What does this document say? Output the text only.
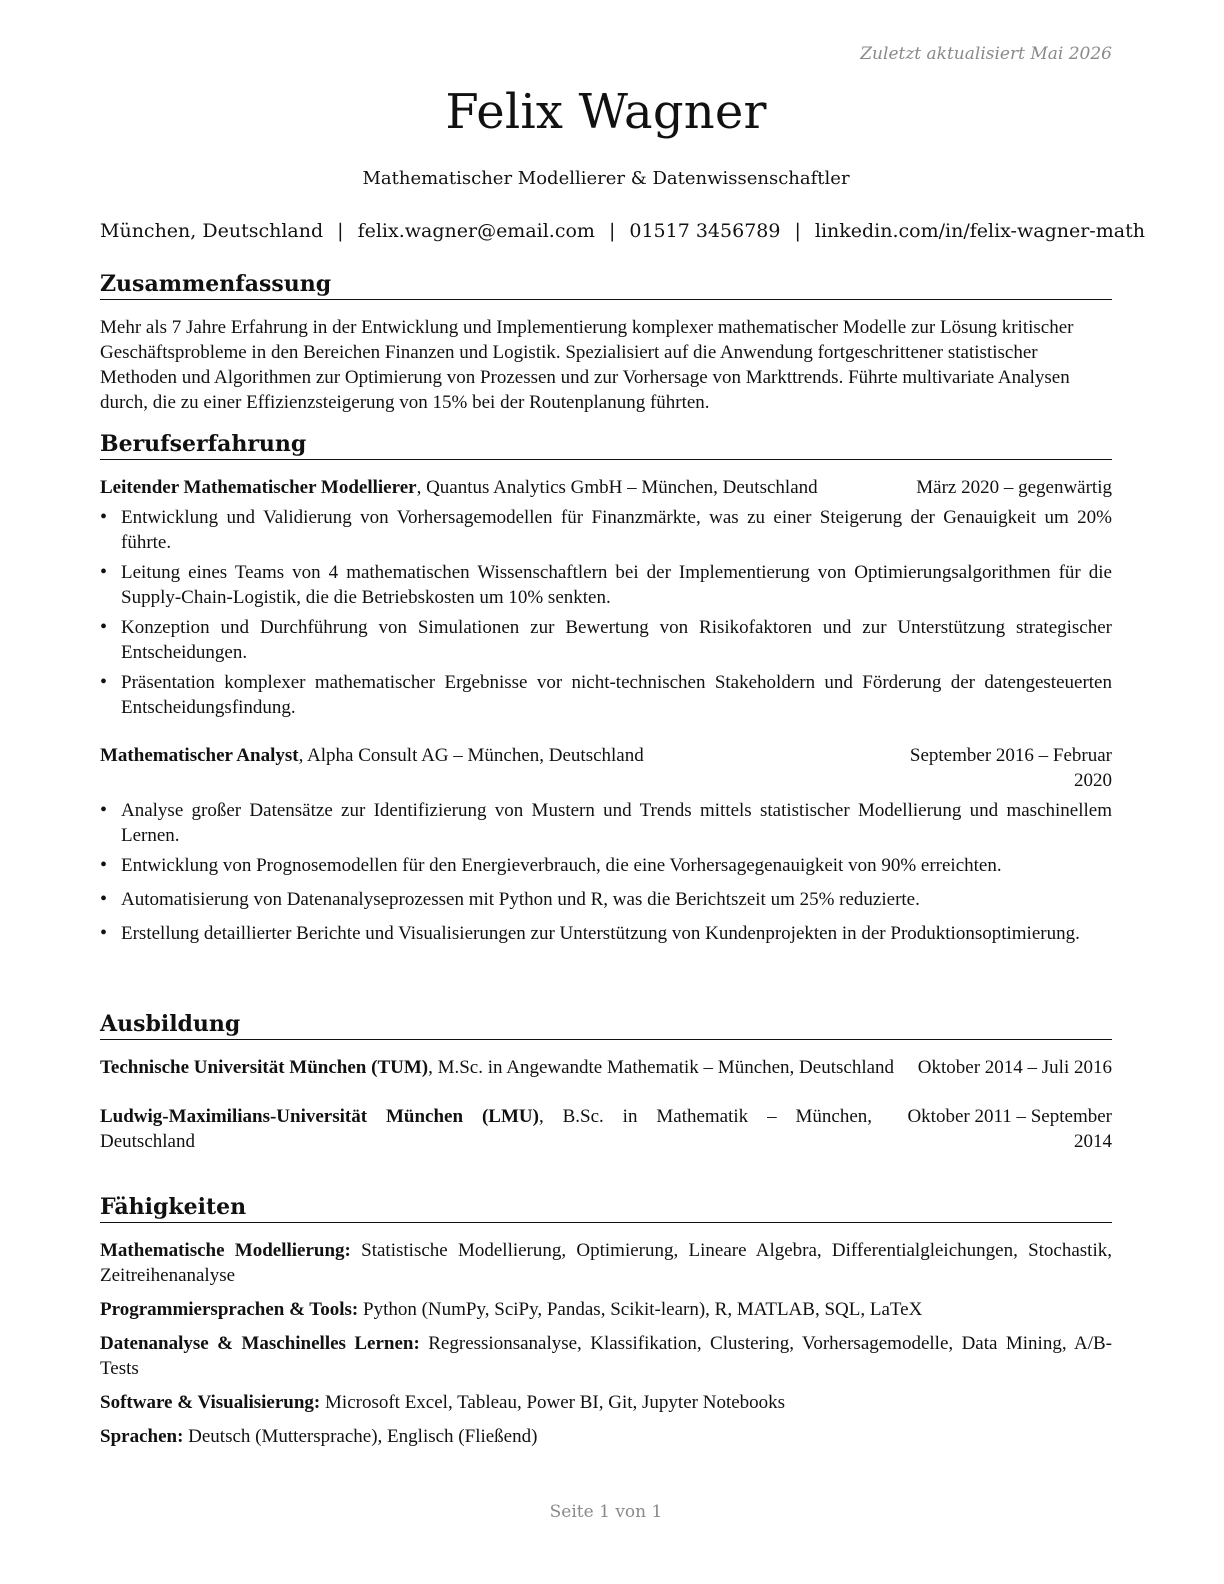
Zuletzt aktualisiert Mai 2026
Felix Wagner
Mathematischer Modellierer & Datenwissenschaftler
München, Deutschland | felix.wagner@email.com | 01517 3456789 | linkedin.com/in/felix-wagner-math
Zusammenfassung

Mehr als 7 Jahre Erfahrung in der Entwicklung und Implementierung komplexer mathematischer Modelle zur Lösung kritischer Geschäftsprobleme in den Bereichen Finanzen und Logistik. Spezialisiert auf die Anwendung fortgeschrittener statistischer Methoden und Algorithmen zur Optimierung von Prozessen und zur Vorhersage von Markttrends. Führte multivariate Analysen durch, die zu einer Effizienzsteigerung von 15% bei der Routenplanung führten.

Berufserfahrung
Leitender Mathematischer Modellierer, Quantus Analytics GmbH – München, Deutschland	März 2020 – gegenwärtig
• Entwicklung und Validierung von Vorhersagemodellen für Finanzmärkte, was zu einer Steigerung der Genauigkeit um 20% führte.
• Leitung eines Teams von 4 mathematischen Wissenschaftlern bei der Implementierung von Optimierungsalgorithmen für die Supply-Chain-Logistik, die die Betriebskosten um 10% senkten.
• Konzeption und Durchführung von Simulationen zur Bewertung von Risikofaktoren und zur Unterstützung strategischer Entscheidungen.
• Präsentation komplexer mathematischer Ergebnisse vor nicht-technischen Stakeholdern und Förderung der datengesteuerten Entscheidungsfindung.
Mathematischer Analyst, Alpha Consult AG – München, Deutschland	September 2016 – Februar 2020
• Analyse großer Datensätze zur Identifizierung von Mustern und Trends mittels statistischer Modellierung und maschinellem Lernen.
• Entwicklung von Prognosemodellen für den Energieverbrauch, die eine Vorhersagegenauigkeit von 90% erreichten.
• Automatisierung von Datenanalyseprozessen mit Python und R, was die Berichtszeit um 25% reduzierte.
• Erstellung detaillierter Berichte und Visualisierungen zur Unterstützung von Kundenprojekten in der Produktionsoptimierung.
Ausbildung
Technische Universität München (TUM), M.Sc. in Angewandte Mathematik – München, Deutschland	Oktober 2014 – Juli 2016
Ludwig-Maximilians-Universität München (LMU), B.Sc. in Mathematik – München, Deutschland
Oktober 2011 – September 2014
Fähigkeiten

Mathematische Modellierung: Statistische Modellierung, Optimierung, Lineare Algebra, Differentialgleichungen, Stochastik, Zeitreihenanalyse

Programmiersprachen & Tools: Python (NumPy, SciPy, Pandas, Scikit-learn), R, MATLAB, SQL, LaTeX

Datenanalyse & Maschinelles Lernen: Regressionsanalyse, Klassifikation, Clustering, Vorhersagemodelle, Data Mining, A/B-Tests

Software & Visualisierung: Microsoft Excel, Tableau, Power BI, Git, Jupyter Notebooks

Sprachen: Deutsch (Muttersprache), Englisch (Fließend)

Seite 1 von 1
